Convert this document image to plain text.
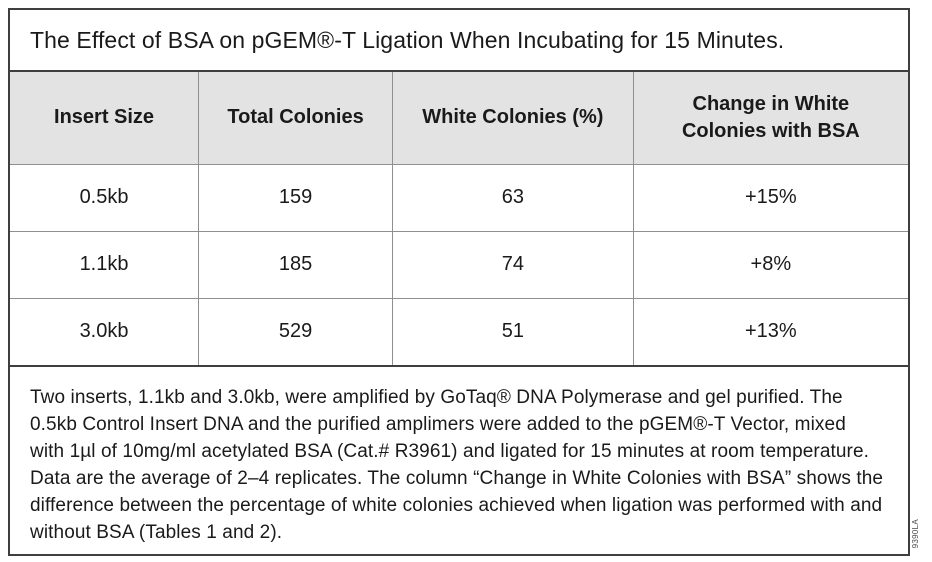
The Effect of BSA on pGEM®-T Ligation When Incubating for 15 Minutes.
Insert Size	Total Colonies	White Colonies (%)	Change in White Colonies with BSA
0.5kb	159	63	+15%
1.1kb	185	74	+8%
3.0kb	529	51	+13%
Two inserts, 1.1kb and 3.0kb, were amplified by GoTaq® DNA Polymerase and gel purified. The 0.5kb Control Insert DNA and the purified amplimers were added to the pGEM®-T Vector, mixed with 1µl of 10mg/ml acetylated BSA (Cat.# R3961) and ligated for 15 minutes at room temperature. Data are the average of 2–4 replicates. The column “Change in White Colonies with BSA” shows the difference between the percentage of white colonies achieved when ligation was performed with and without BSA (Tables 1 and 2).	9390LA
